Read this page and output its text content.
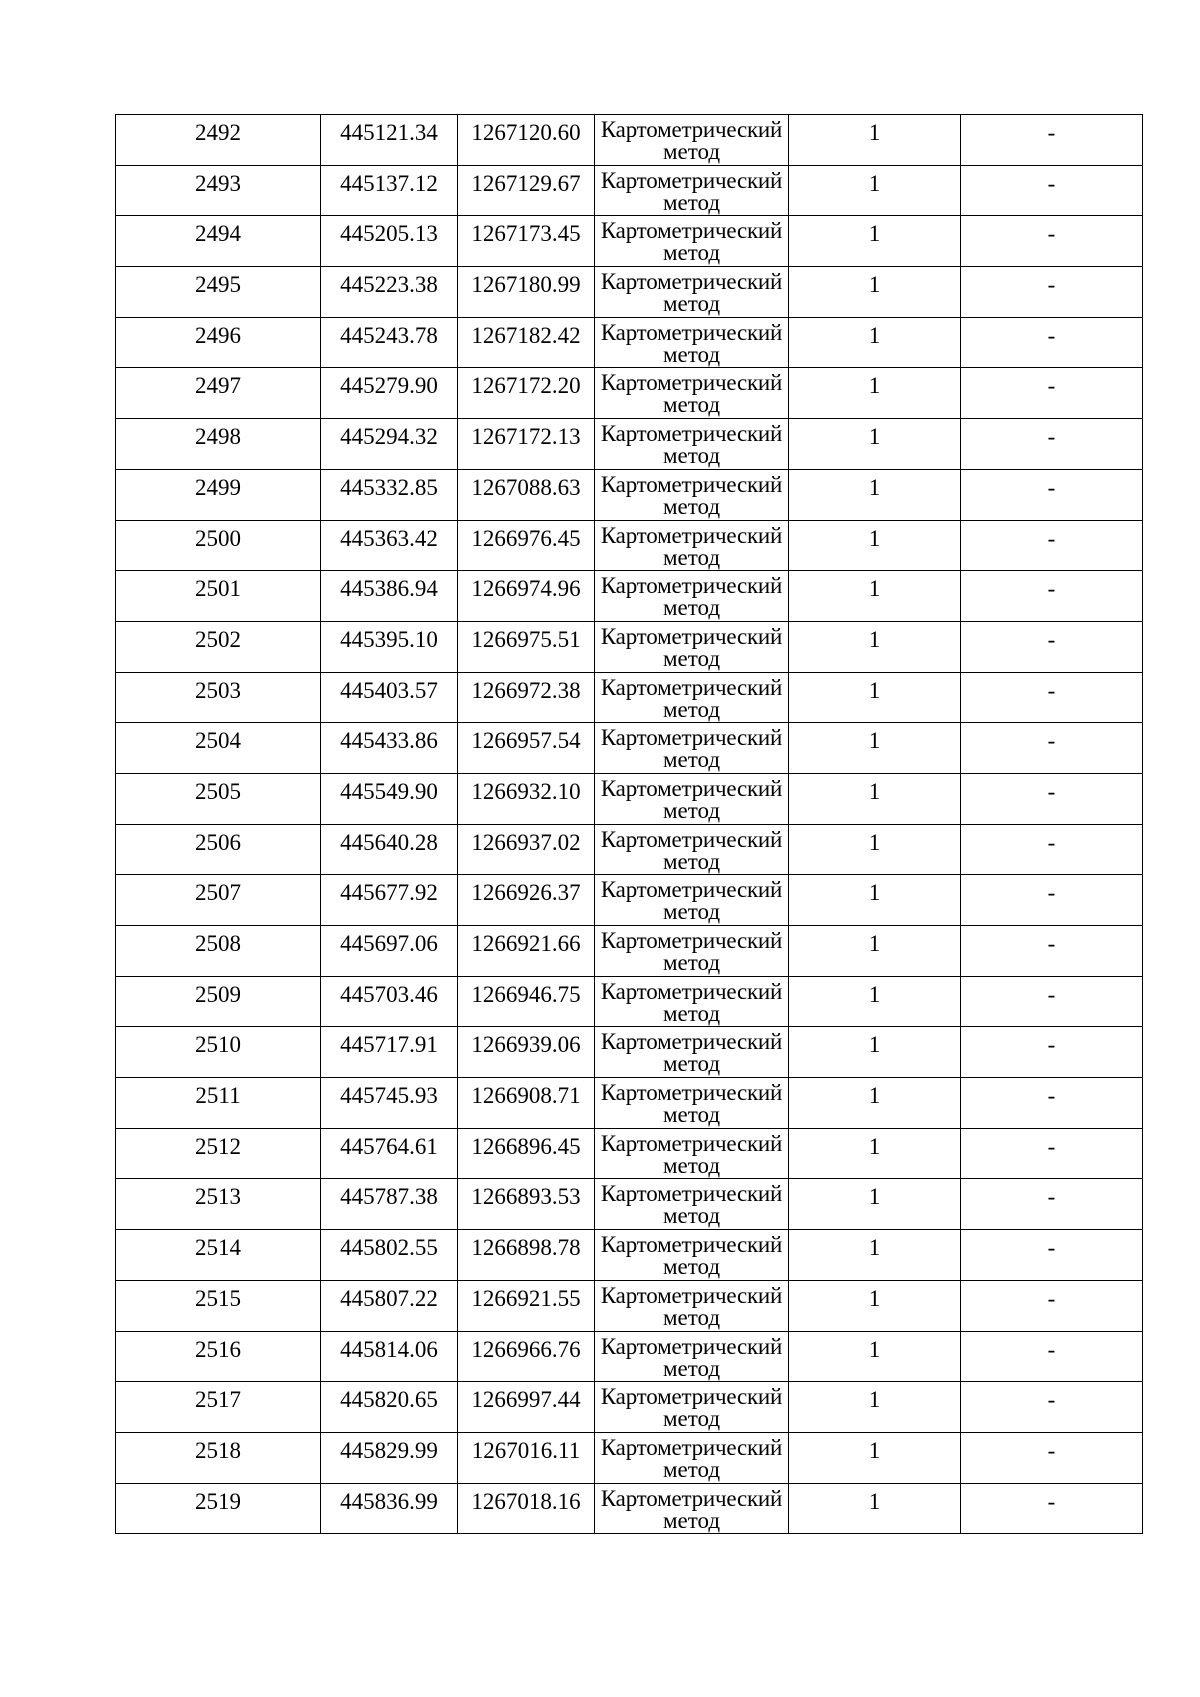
2492	445121.34	1267120.60	Картометрический
метод	1	-

2493	445137.12	1267129.67	Картометрический
метод	1	-

2494	445205.13	1267173.45	Картометрический
метод	1	-

2495	445223.38	1267180.99	Картометрический
метод	1	-

2496	445243.78	1267182.42	Картометрический
метод	1	-

2497	445279.90	1267172.20	Картометрический
метод	1	-

2498	445294.32	1267172.13	Картометрический
метод	1	-

2499	445332.85	1267088.63	Картометрический
метод	1	-

2500	445363.42	1266976.45	Картометрический
метод	1	-

2501	445386.94	1266974.96	Картометрический
метод	1	-

2502	445395.10	1266975.51	Картометрический
метод	1	-

2503	445403.57	1266972.38	Картометрический
метод	1	-

2504	445433.86	1266957.54	Картометрический
метод	1	-

2505	445549.90	1266932.10	Картометрический
метод	1	-

2506	445640.28	1266937.02	Картометрический
метод	1	-

2507	445677.92	1266926.37	Картометрический
метод	1	-

2508	445697.06	1266921.66	Картометрический
метод	1	-

2509	445703.46	1266946.75	Картометрический
метод	1	-

2510	445717.91	1266939.06	Картометрический
метод	1	-

2511	445745.93	1266908.71	Картометрический
метод	1	-

2512	445764.61	1266896.45	Картометрический
метод	1	-

2513	445787.38	1266893.53	Картометрический
метод	1	-

2514	445802.55	1266898.78	Картометрический
метод	1	-

2515	445807.22	1266921.55	Картометрический
метод	1	-

2516	445814.06	1266966.76	Картометрический
метод	1	-

2517	445820.65	1266997.44	Картометрический
метод	1	-

2518	445829.99	1267016.11	Картометрический
метод	1	-

2519	445836.99	1267018.16	Картометрический
метод	1	-
